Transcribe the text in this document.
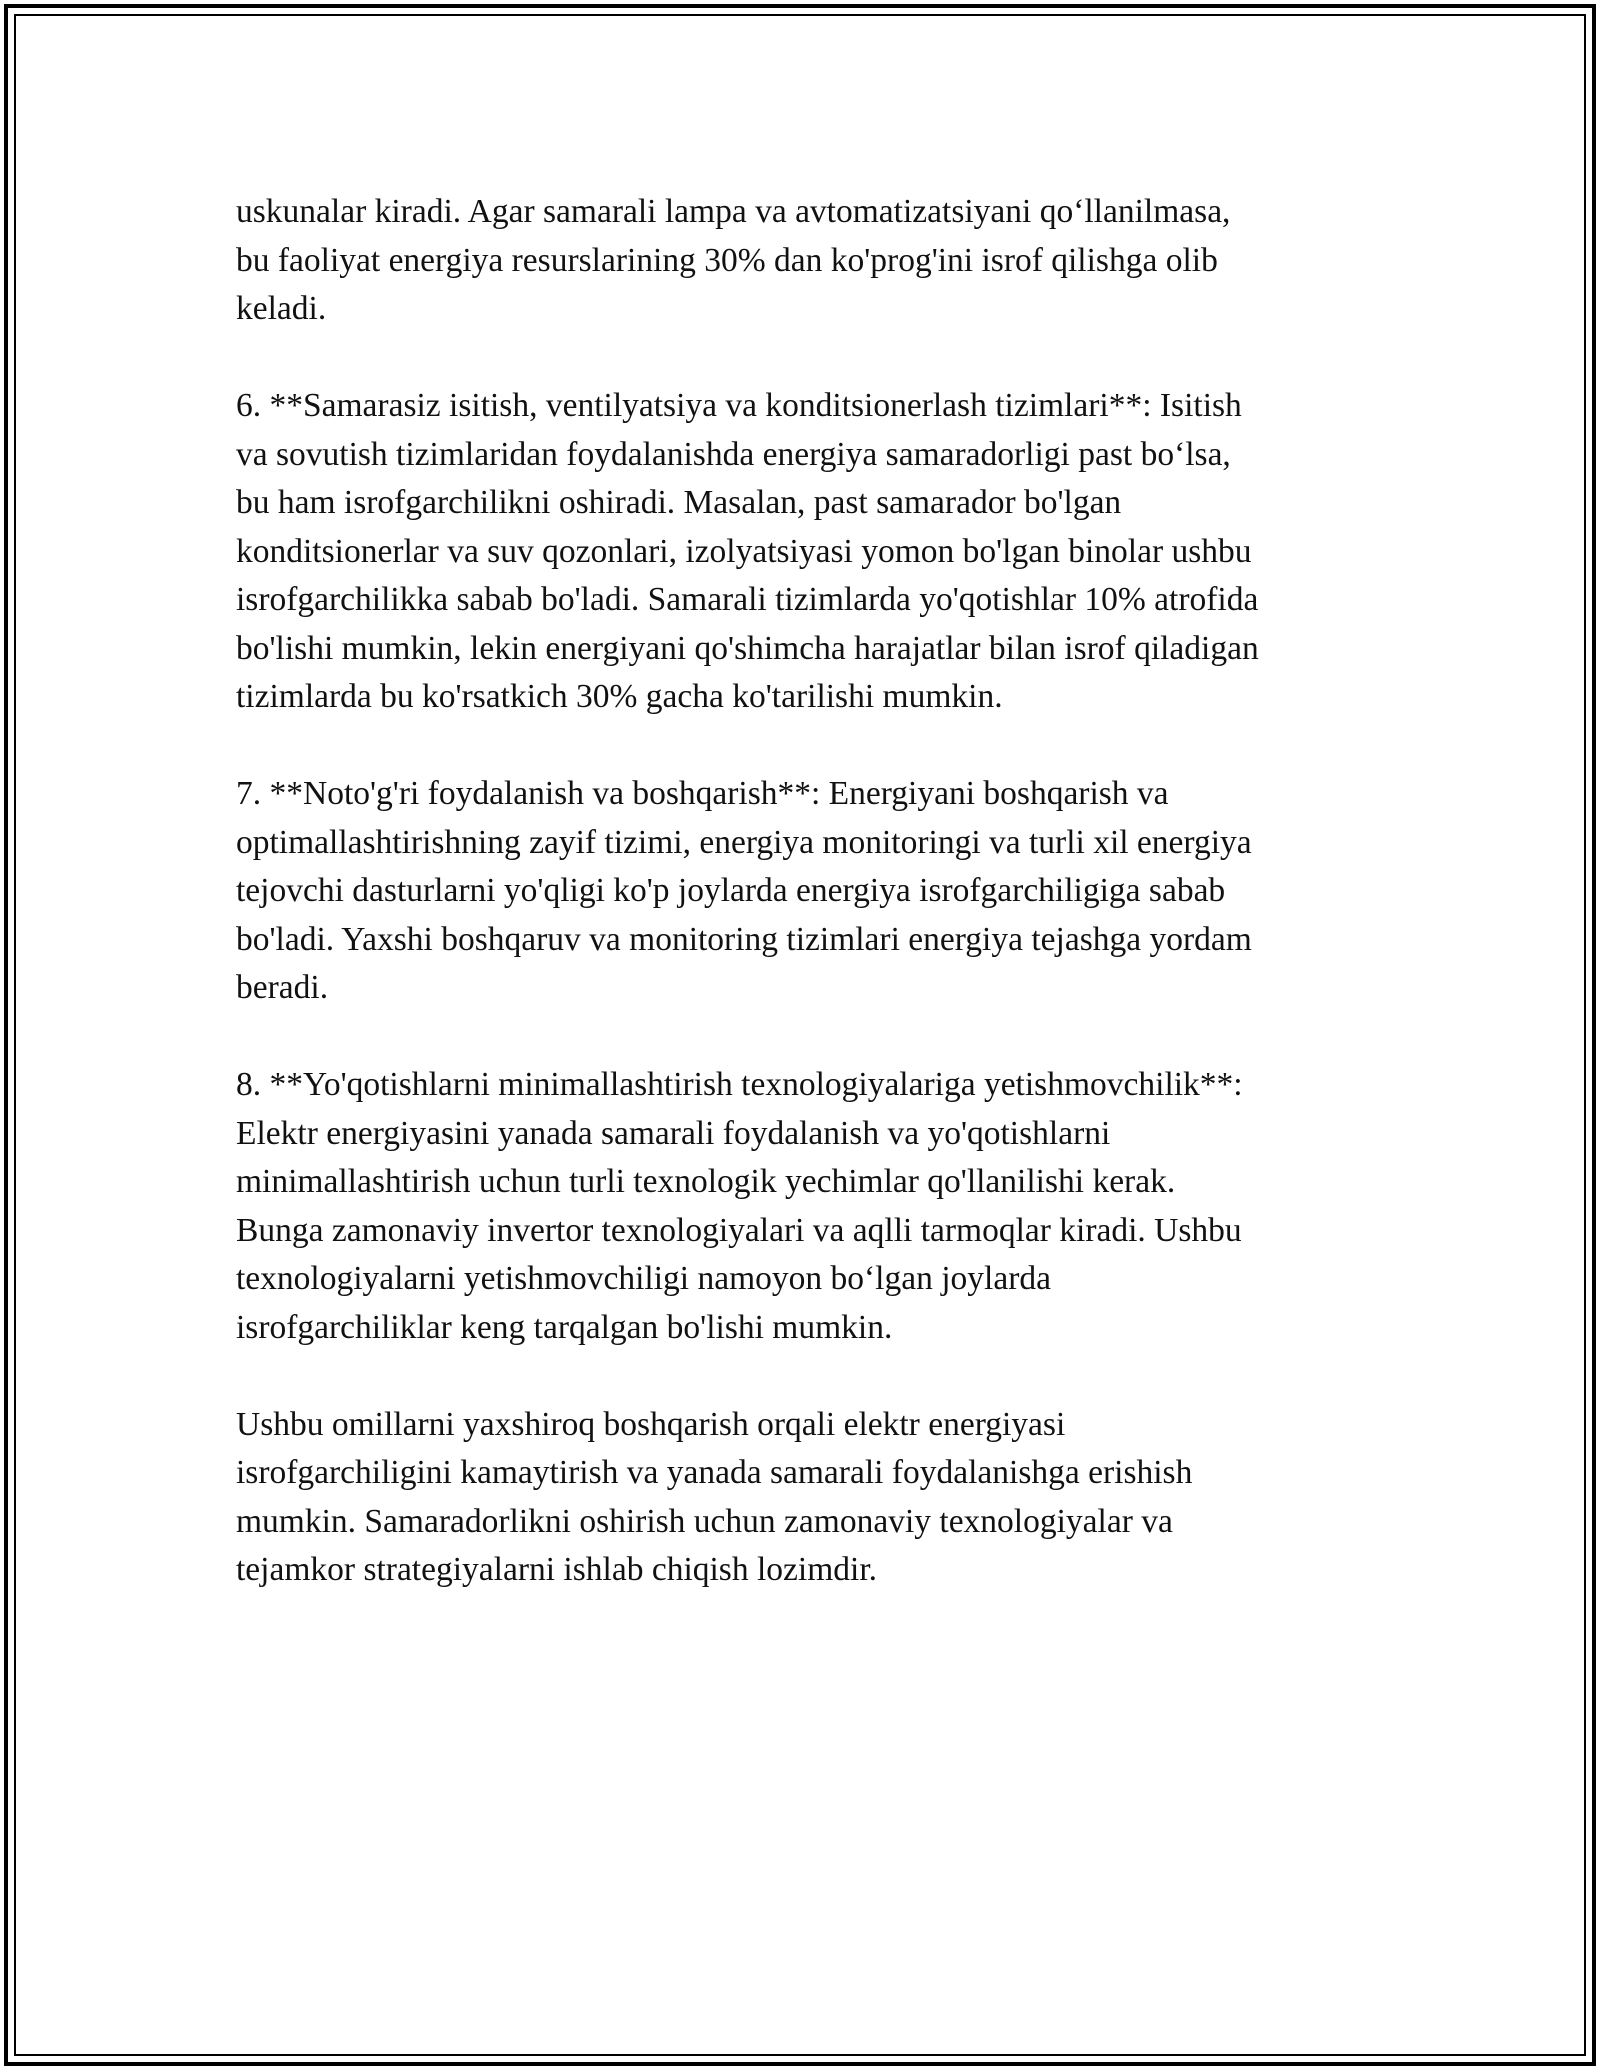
uskunalar kiradi. Agar samarali lampa va avtomatizatsiyani qo‘llanilmasa,
bu faoliyat energiya resurslarining 30% dan ko'prog'ini isrof qilishga olib
keladi.

6. **Samarasiz isitish, ventilyatsiya va konditsionerlash tizimlari**: Isitish
va sovutish tizimlaridan foydalanishda energiya samaradorligi past bo‘lsa,
bu ham isrofgarchilikni oshiradi. Masalan, past samarador bo'lgan
konditsionerlar va suv qozonlari, izolyatsiyasi yomon bo'lgan binolar ushbu
isrofgarchilikka sabab bo'ladi. Samarali tizimlarda yo'qotishlar 10% atrofida
bo'lishi mumkin, lekin energiyani qo'shimcha harajatlar bilan isrof qiladigan
tizimlarda bu ko'rsatkich 30% gacha ko'tarilishi mumkin.

7. **Noto'g'ri foydalanish va boshqarish**: Energiyani boshqarish va
optimallashtirishning zayif tizimi, energiya monitoringi va turli xil energiya
tejovchi dasturlarni yo'qligi ko'p joylarda energiya isrofgarchiligiga sabab
bo'ladi. Yaxshi boshqaruv va monitoring tizimlari energiya tejashga yordam
beradi.

8. **Yo'qotishlarni minimallashtirish texnologiyalariga yetishmovchilik**:
Elektr energiyasini yanada samarali foydalanish va yo'qotishlarni
minimallashtirish uchun turli texnologik yechimlar qo'llanilishi kerak.
Bunga zamonaviy invertor texnologiyalari va aqlli tarmoqlar kiradi. Ushbu
texnologiyalarni yetishmovchiligi namoyon bo‘lgan joylarda
isrofgarchiliklar keng tarqalgan bo'lishi mumkin.

Ushbu omillarni yaxshiroq boshqarish orqali elektr energiyasi
isrofgarchiligini kamaytirish va yanada samarali foydalanishga erishish
mumkin. Samaradorlikni oshirish uchun zamonaviy texnologiyalar va
tejamkor strategiyalarni ishlab chiqish lozimdir.
